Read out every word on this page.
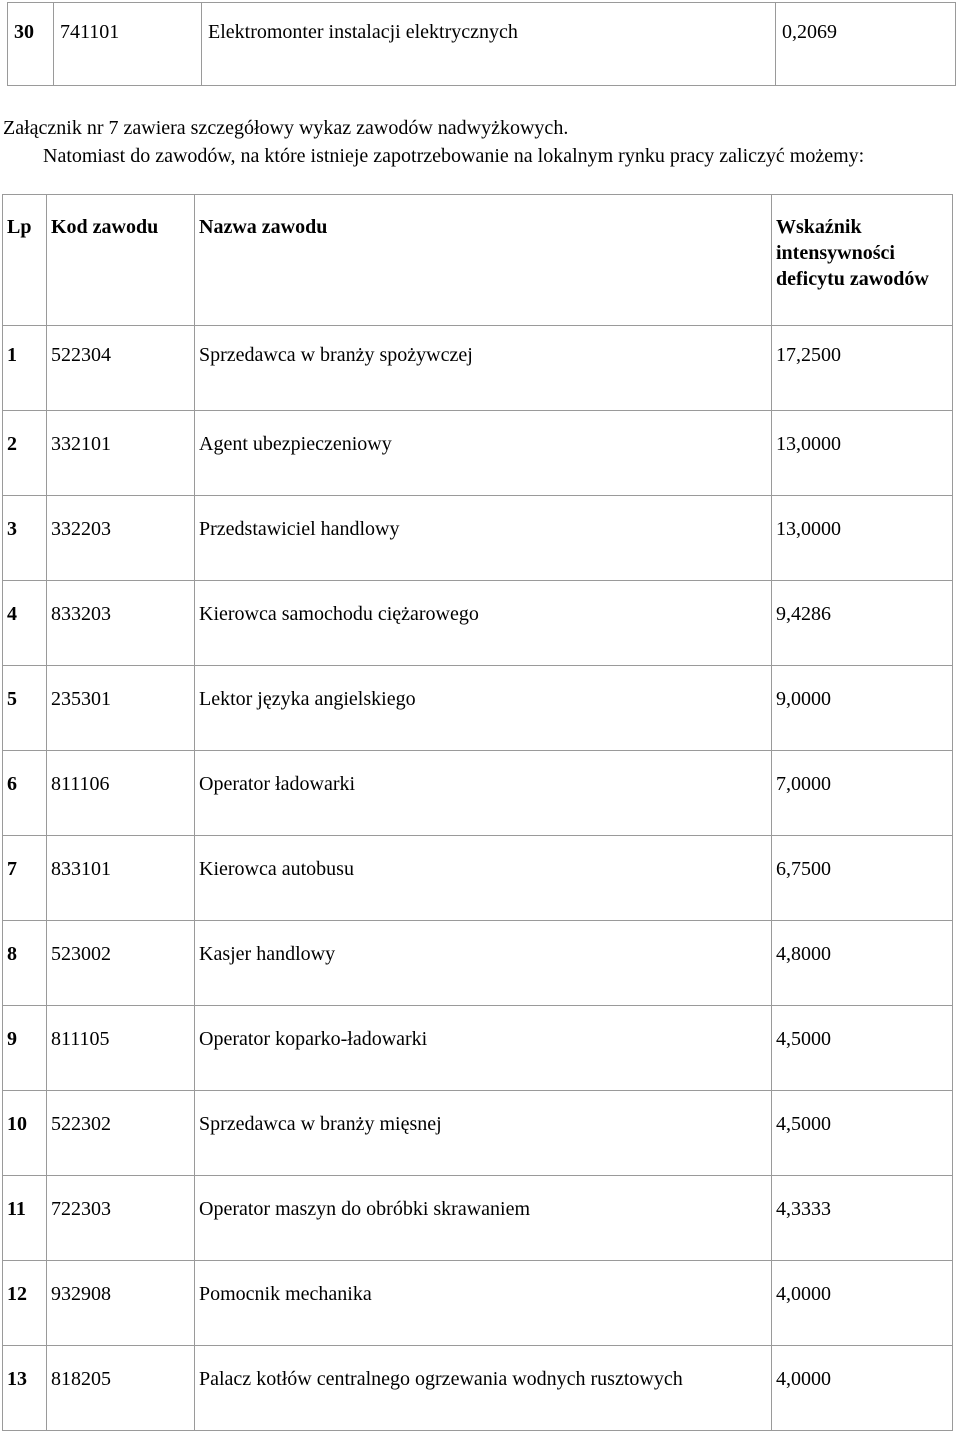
30	741101	Elektromonter instalacji elektrycznych	0,2069
Załącznik nr 7 zawiera szczegółowy wykaz zawodów nadwyżkowych.
Natomiast do zawodów, na które istnieje zapotrzebowanie na lokalnym rynku pracy zaliczyć możemy:
Lp	Kod zawodu	Nazwa zawodu	Wskaźnik intensywności deficytu zawodów
1	522304	Sprzedawca w branży spożywczej	17,2500
2	332101	Agent ubezpieczeniowy	13,0000
3	332203	Przedstawiciel handlowy	13,0000
4	833203	Kierowca samochodu ciężarowego	9,4286
5	235301	Lektor języka angielskiego	9,0000
6	811106	Operator ładowarki	7,0000
7	833101	Kierowca autobusu	6,7500
8	523002	Kasjer handlowy	4,8000
9	811105	Operator koparko-ładowarki	4,5000
10	522302	Sprzedawca w branży mięsnej	4,5000
11	722303	Operator maszyn do obróbki skrawaniem	4,3333
12	932908	Pomocnik mechanika	4,0000
13	818205	Palacz kotłów centralnego ogrzewania wodnych rusztowych	4,0000
